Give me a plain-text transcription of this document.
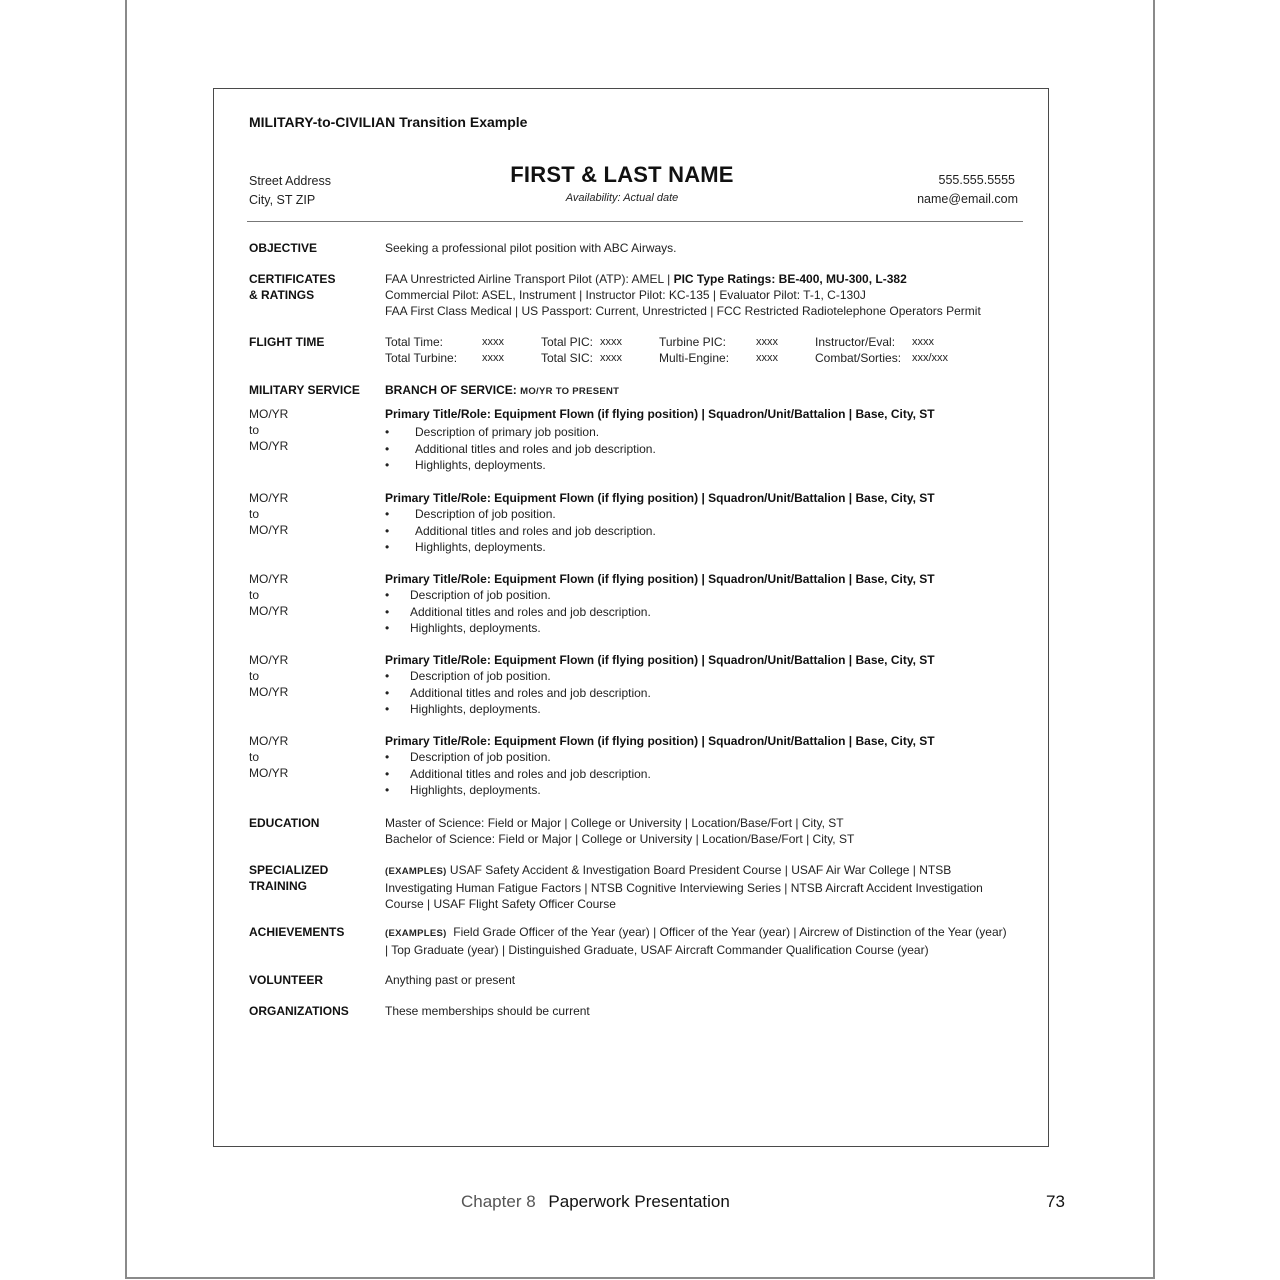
MILITARY-to-CIVILIAN Transition Example
Street Address
City, ST ZIP
FIRST & LAST NAME
Availability: Actual date
555.555.5555
name@email.com
OBJECTIVE	Seeking a professional pilot position with ABC Airways.
CERTIFICATES
& RATINGS
FAA Unrestricted Airline Transport Pilot (ATP): AMEL | PIC Type Ratings: BE-400, MU-300, L-382
Commercial Pilot: ASEL, Instrument | Instructor Pilot: KC-135 | Evaluator Pilot: T-1, C-130J
FAA First Class Medical | US Passport: Current, Unrestricted | FCC Restricted Radiotelephone Operators Permit
FLIGHT TIME	Total Time:	xxxx	Total PIC: xxxx	Turbine PIC:	xxxx	Instructor/Eval: xxxx
Total Turbine: xxxx	Total SIC: xxxx	Multi-Engine: xxxx	Combat/Sorties: xxx/xxx
MILITARY SERVICE	BRANCH OF SERVICE: MO/YR TO PRESENT
MO/YR to MO/YR
Primary Title/Role: Equipment Flown (if flying position) | Squadron/Unit/Battalion | Base, City, ST
• Description of primary job position.
• Additional titles and roles and job description.
• Highlights, deployments.
MO/YR to MO/YR
Primary Title/Role: Equipment Flown (if flying position) | Squadron/Unit/Battalion | Base, City, ST
• Description of job position.
• Additional titles and roles and job description.
• Highlights, deployments.
MO/YR to MO/YR
Primary Title/Role: Equipment Flown (if flying position) | Squadron/Unit/Battalion | Base, City, ST
• Description of job position.
• Additional titles and roles and job description.
• Highlights, deployments.
MO/YR to MO/YR
Primary Title/Role: Equipment Flown (if flying position) | Squadron/Unit/Battalion | Base, City, ST
• Description of job position.
• Additional titles and roles and job description.
• Highlights, deployments.
MO/YR to MO/YR
Primary Title/Role: Equipment Flown (if flying position) | Squadron/Unit/Battalion | Base, City, ST
• Description of job position.
• Additional titles and roles and job description.
• Highlights, deployments.
EDUCATION	Master of Science: Field or Major | College or University | Location/Base/Fort | City, ST
Bachelor of Science: Field or Major | College or University | Location/Base/Fort | City, ST
SPECIALIZED
TRAINING
(EXAMPLES) USAF Safety Accident & Investigation Board President Course | USAF Air War College | NTSB
Investigating Human Fatigue Factors | NTSB Cognitive Interviewing Series | NTSB Aircraft Accident Investigation
Course | USAF Flight Safety Officer Course
ACHIEVEMENTS	(EXAMPLES)  Field Grade Officer of the Year (year) | Officer of the Year (year) | Aircrew of Distinction of the Year (year)
| Top Graduate (year) | Distinguished Graduate, USAF Aircraft Commander Qualification Course (year)
VOLUNTEER	Anything past or present
ORGANIZATIONS	These memberships should be current
Chapter 8 Paperwork Presentation	73
